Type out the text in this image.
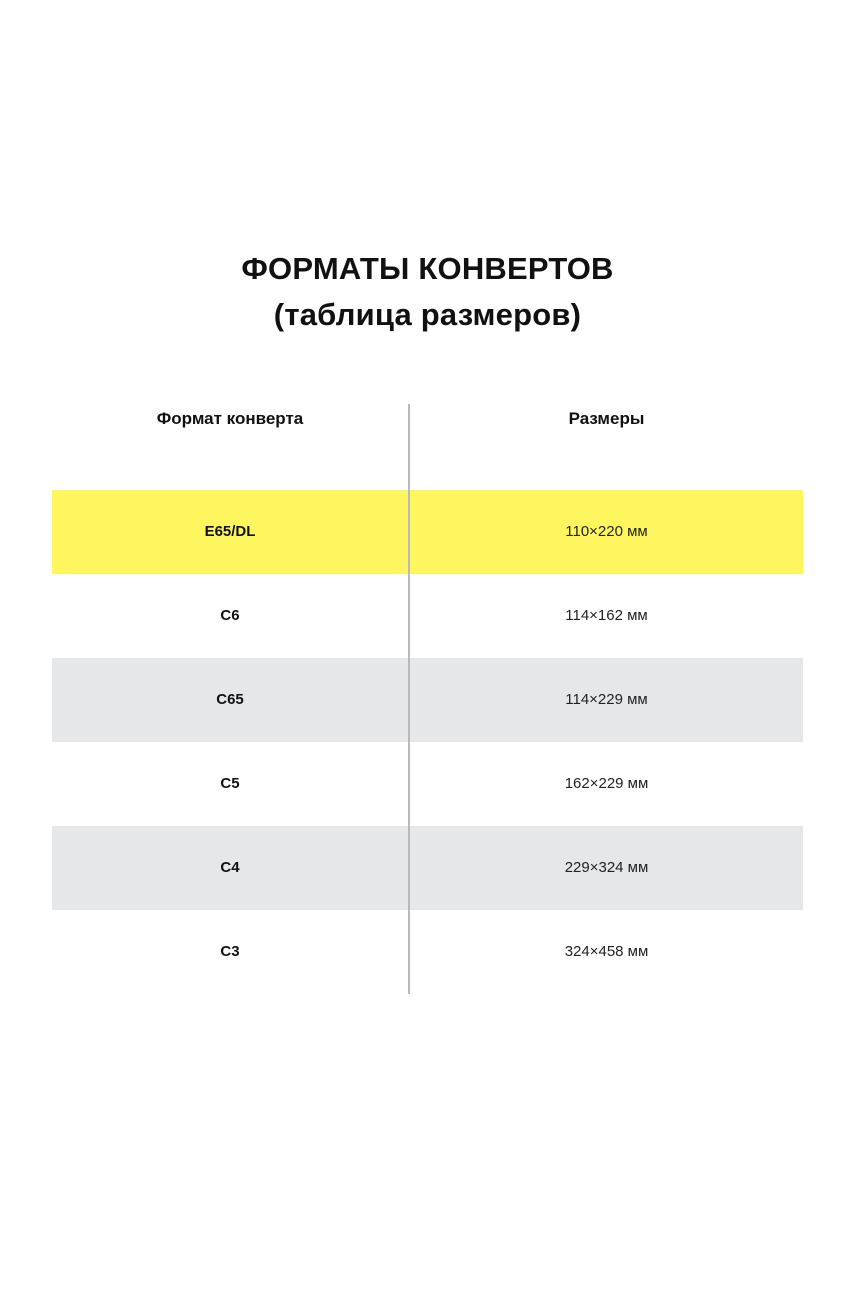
ФОРМАТЫ КОНВЕРТОВ
(таблица размеров)
Формат конверта	Размеры
E65/DL	110×220 мм
C6	114×162 мм
C65	114×229 мм
C5	162×229 мм
C4	229×324 мм
C3	324×458 мм
